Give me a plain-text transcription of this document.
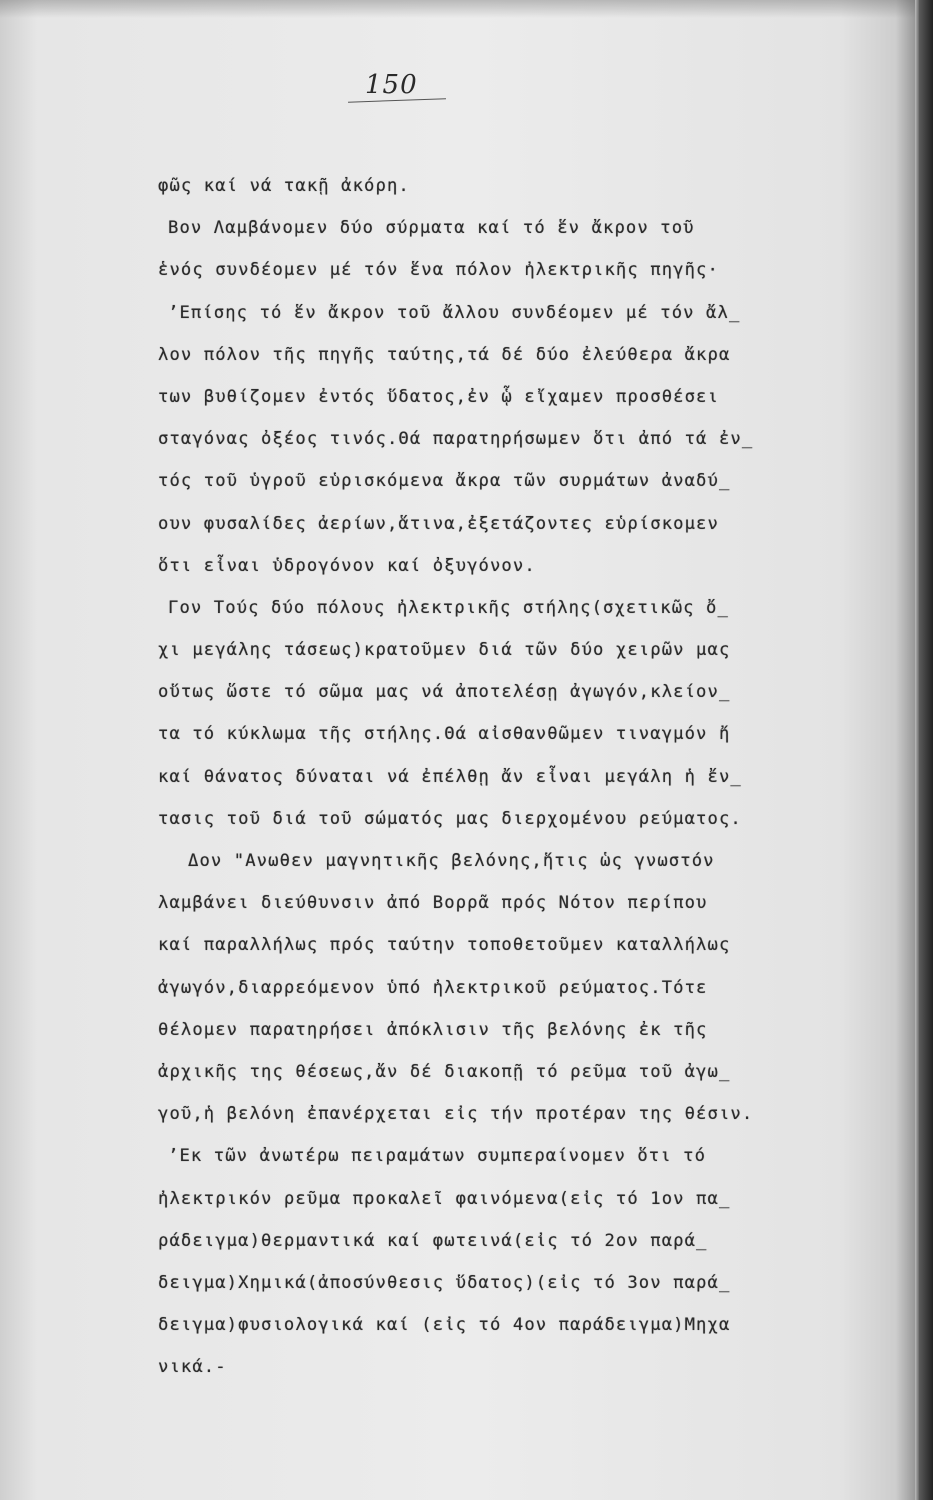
150
φῶς καί νά τακῇ ἀκόρη.
Βον Λαμβάνομεν δύο σύρματα καί τό ἕν ἄκρον τοῦ
ἑνός συνδέομεν μέ τόν ἕνα πόλον ἠλεκτρικῆς πηγῆς·
’Επίσης τό ἕν ἄκρον τοῦ ἄλλου συνδέομεν μέ τόν ἄλ_
λον πόλον τῆς πηγῆς ταύτης,τά δέ δύο ἐλεύθερα ἄκρα
των βυθίζομεν ἐντός ὕδατος,ἐν ᾧ εἴχαμεν προσθέσει
σταγόνας ὀξέος τινός.Θά παρατηρήσωμεν ὅτι ἀπό τά ἐν_
τός τοῦ ὑγροῦ εὑρισκόμενα ἄκρα τῶν συρμάτων ἀναδύ_
ουν φυσαλίδες ἀερίων,ἅτινα,ἐξετάζοντες εὑρίσκομεν
ὅτι εἶναι ὑδρογόνον καί ὀξυγόνον.
Γον Τούς δύο πόλους ἠλεκτρικῆς στήλης(σχετικῶς ὄ_
χι μεγάλης τάσεως)κρατοῦμεν διά τῶν δύο χειρῶν μας
οὕτως ὥστε τό σῶμα μας νά ἀποτελέσῃ ἀγωγόν,κλείον_
τα τό κύκλωμα τῆς στήλης.Θά αἰσθανθῶμεν τιναγμόν ἤ
καί θάνατος δύναται νά ἐπέλθῃ ἄν εἶναι μεγάλη ἡ ἔν_
τασις τοῦ διά τοῦ σώματός μας διερχομένου ρεύματος.
Δον "Ανωθεν μαγνητικῆς βελόνης,ἥτις ὡς γνωστόν
λαμβάνει διεύθυνσιν ἀπό Βορρᾶ πρός Νότον περίπου
καί παραλλήλως πρός ταύτην τοποθετοῦμεν καταλλήλως
ἀγωγόν,διαρρεόμενον ὑπό ἠλεκτρικοῦ ρεύματος.Τότε
θέλομεν παρατηρήσει ἀπόκλισιν τῆς βελόνης ἐκ τῆς
ἀρχικῆς της θέσεως,ἄν δέ διακοπῇ τό ρεῦμα τοῦ ἀγω_
γοῦ,ἡ βελόνη ἐπανέρχεται εἰς τήν προτέραν της θέσιν.
’Εκ τῶν ἀνωτέρω πειραμάτων συμπεραίνομεν ὅτι τό
ἠλεκτρικόν ρεῦμα προκαλεῖ φαινόμενα(εἰς τό 1ον πα_
ράδειγμα)θερμαντικά καί φωτεινά(εἰς τό 2ον παρά_
δειγμα)Χημικά(ἀποσύνθεσις ὕδατος)(εἰς τό 3ον παρά_
δειγμα)φυσιολογικά καί (εἰς τό 4ον παράδειγμα)Μηχα
νικά.-
